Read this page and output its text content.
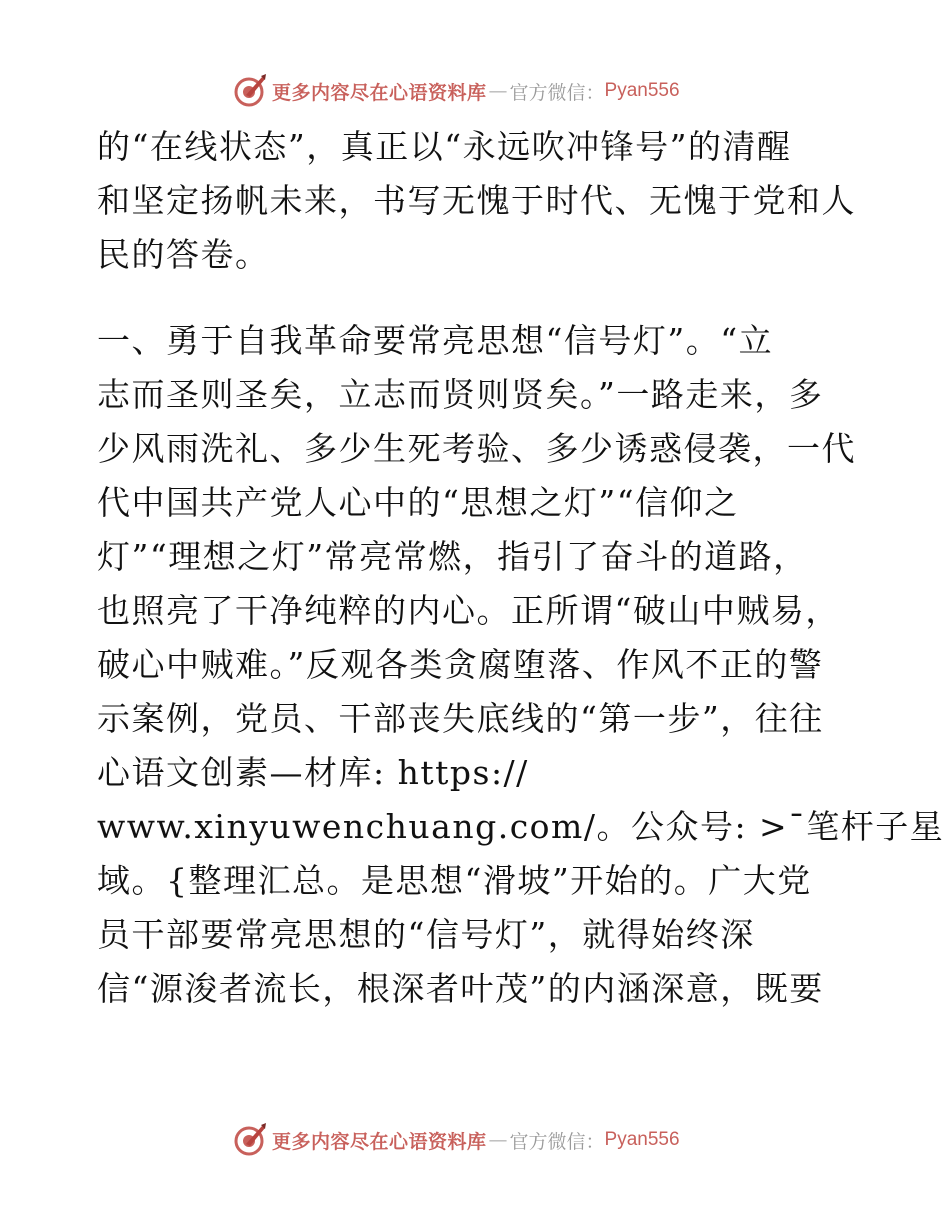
更多内容尽在心语资料库 — 官方微信： Pyan556
的“在线状态”，真正以“永远吹冲锋号”的清醒
和坚定扬帆未来，书写无愧于时代、无愧于党和人
民的答卷。
一、勇于自我革命要常亮思想“信号灯”。“立
志而圣则圣矣，立志而贤则贤矣。”一路走来，多
少风雨洗礼、多少生死考验、多少诱惑侵袭，一代
代中国共产党人心中的“思想之灯”“信仰之
灯”“理想之灯”常亮常燃，指引了奋斗的道路，
也照亮了干净纯粹的内心。正所谓“破山中贼易，
破心中贼难。”反观各类贪腐堕落、作风不正的警
示案例，党员、干部丧失底线的“第一步”，往往
心语文创素—材库: https://
www.xinyuwenchuang.com/。公众号: >¯笔杆子星
域。{整理汇总。是思想“滑坡”开始的。广大党
员干部要常亮思想的“信号灯”，就得始终深
信“源浚者流长，根深者叶茂”的内涵深意，既要
更多内容尽在心语资料库 — 官方微信： Pyan556
